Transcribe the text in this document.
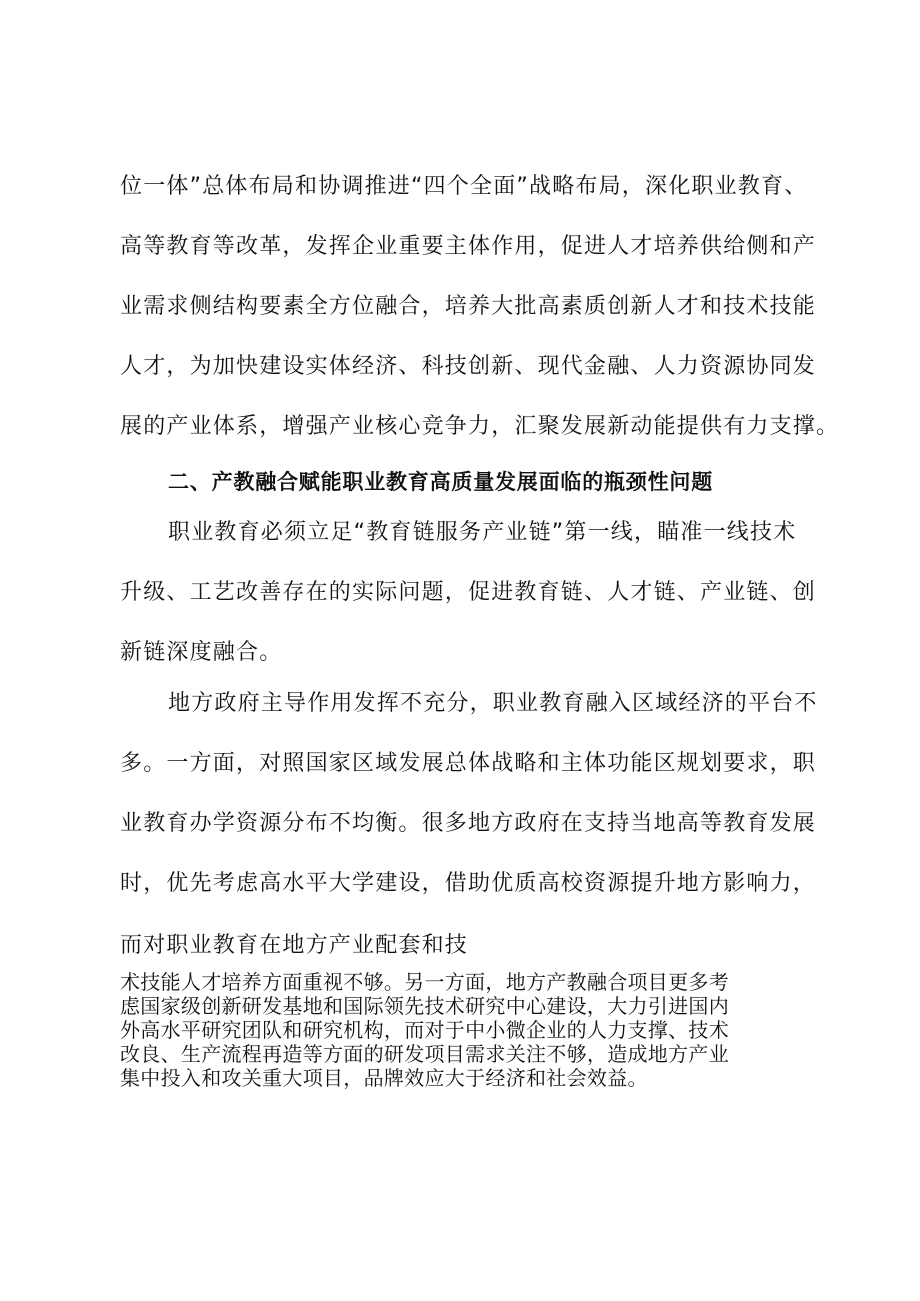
位一体”总体布局和协调推进“四个全面”战略布局，深化职业教育、
高等教育等改革，发挥企业重要主体作用，促进人才培养供给侧和产
业需求侧结构要素全方位融合，培养大批高素质创新人才和技术技能
人才，为加快建设实体经济、科技创新、现代金融、人力资源协同发
展的产业体系，增强产业核心竞争力，汇聚发展新动能提供有力支撑。
二、产教融合赋能职业教育高质量发展面临的瓶颈性问题
职业教育必须立足“教育链服务产业链”第一线，瞄准一线技术
升级、工艺改善存在的实际问题，促进教育链、人才链、产业链、创
新链深度融合。
地方政府主导作用发挥不充分，职业教育融入区域经济的平台不
多。一方面，对照国家区域发展总体战略和主体功能区规划要求，职
业教育办学资源分布不均衡。很多地方政府在支持当地高等教育发展
时，优先考虑高水平大学建设，借助优质高校资源提升地方影响力，
而对职业教育在地方产业配套和技
术技能人才培养方面重视不够。另一方面，地方产教融合项目更多考
虑国家级创新研发基地和国际领先技术研究中心建设，大力引进国内
外高水平研究团队和研究机构，而对于中小微企业的人力支撑、技术
改良、生产流程再造等方面的研发项目需求关注不够，造成地方产业
集中投入和攻关重大项目，品牌效应大于经济和社会效益。
